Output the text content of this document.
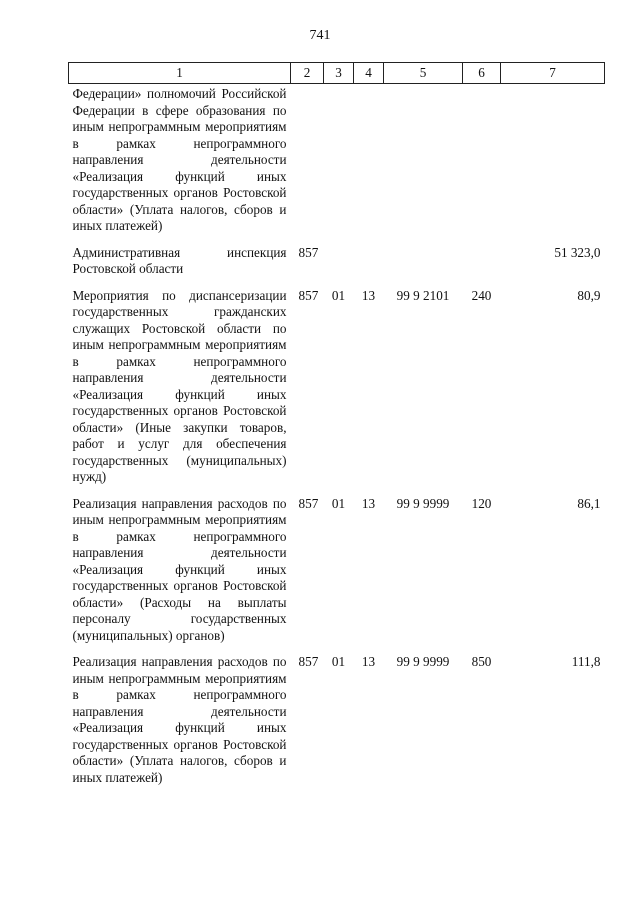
741
1	2	3	4	5	6	7
Федерации» полномочий Российской Федерации в сфере образования по иным непрограммным мероприятиям в рамках непрограммного направления деятельности «Реализация функций иных государственных органов Ростовской области» (Уплата налогов, сборов и иных платежей)						
Административная инспекция Ростовской области	857					51 323,0
Мероприятия по диспансеризации государственных гражданских служащих Ростовской области по иным непрограммным мероприятиям в рамках непрограммного направления деятельности «Реализация функций иных государственных органов Ростовской области» (Иные закупки товаров, работ и услуг для обеспечения государственных (муниципальных) нужд)	857	01	13	99 9 2101	240	80,9
Реализация направления расходов по иным непрограммным мероприятиям в рамках непрограммного направления деятельности «Реализация функций иных государственных органов Ростовской области» (Расходы на выплаты персоналу государственных (муниципальных) органов)	857	01	13	99 9 9999	120	86,1
Реализация направления расходов по иным непрограммным мероприятиям в рамках непрограммного направления деятельности «Реализация функций иных государственных органов Ростовской области» (Уплата налогов, сборов и иных платежей)	857	01	13	99 9 9999	850	111,8
